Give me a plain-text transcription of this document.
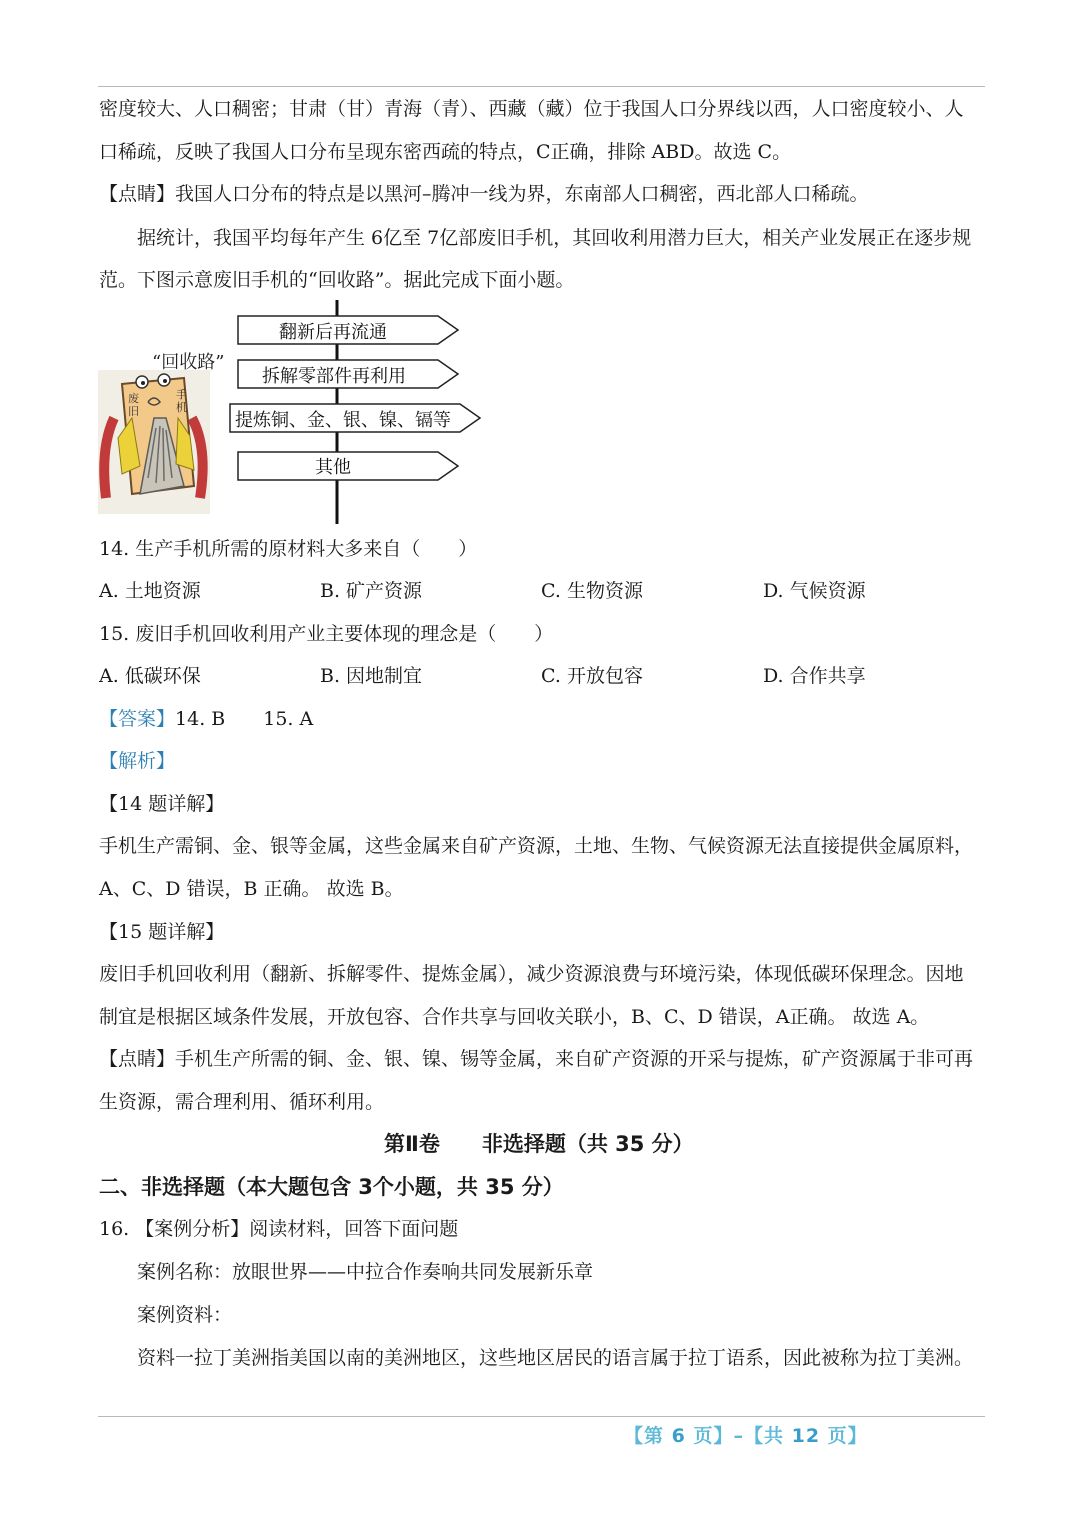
密度较大、人口稠密；甘肃（甘）青海（青）、西藏（藏）位于我国人口分界线以西，人口密度较小、人
口稀疏，反映了我国人口分布呈现东密西疏的特点，C正确，排除 ABD。故选 C。
【点睛】我国人口分布的特点是以黑河–腾冲一线为界，东南部人口稠密，西北部人口稀疏。
据统计，我国平均每年产生 6亿至 7亿部废旧手机，其回收利用潜力巨大，相关产业发展正在逐步规
范。下图示意废旧手机的“回收路”。据此完成下面小题。
废旧
手机
“回收路”
翻新后再流通
拆解零部件再利用
提炼铜、金、银、镍、镉等
其他
14. 生产手机所需的原材料大多来自（　　）
A. 土地资源	B. 矿产资源	C. 生物资源	D. 气候资源
15. 废旧手机回收利用产业主要体现的理念是（　　）
A. 低碳环保	B. 因地制宜	C. 开放包容	D. 合作共享
【答案】14. B　　15. A
【解析】
【14 题详解】
手机生产需铜、金、银等金属，这些金属来自矿产资源，土地、生物、气候资源无法直接提供金属原料，
A、C、D 错误，B 正确。 故选 B。
【15 题详解】
废旧手机回收利用（翻新、拆解零件、提炼金属），减少资源浪费与环境污染，体现低碳环保理念。因地
制宜是根据区域条件发展，开放包容、合作共享与回收关联小，B、C、D 错误，A正确。 故选 A。
【点睛】手机生产所需的铜、金、银、镍、锡等金属，来自矿产资源的开采与提炼，矿产资源属于非可再
生资源，需合理利用、循环利用。
第Ⅱ卷　　非选择题（共 35 分）
二、非选择题（本大题包含 3个小题，共 35 分）
16. 【案例分析】阅读材料，回答下面问题
案例名称：放眼世界——中拉合作奏响共同发展新乐章
案例资料：
资料一拉丁美洲指美国以南的美洲地区，这些地区居民的语言属于拉丁语系，因此被称为拉丁美洲。
【第 6 页】–【共 12 页】
